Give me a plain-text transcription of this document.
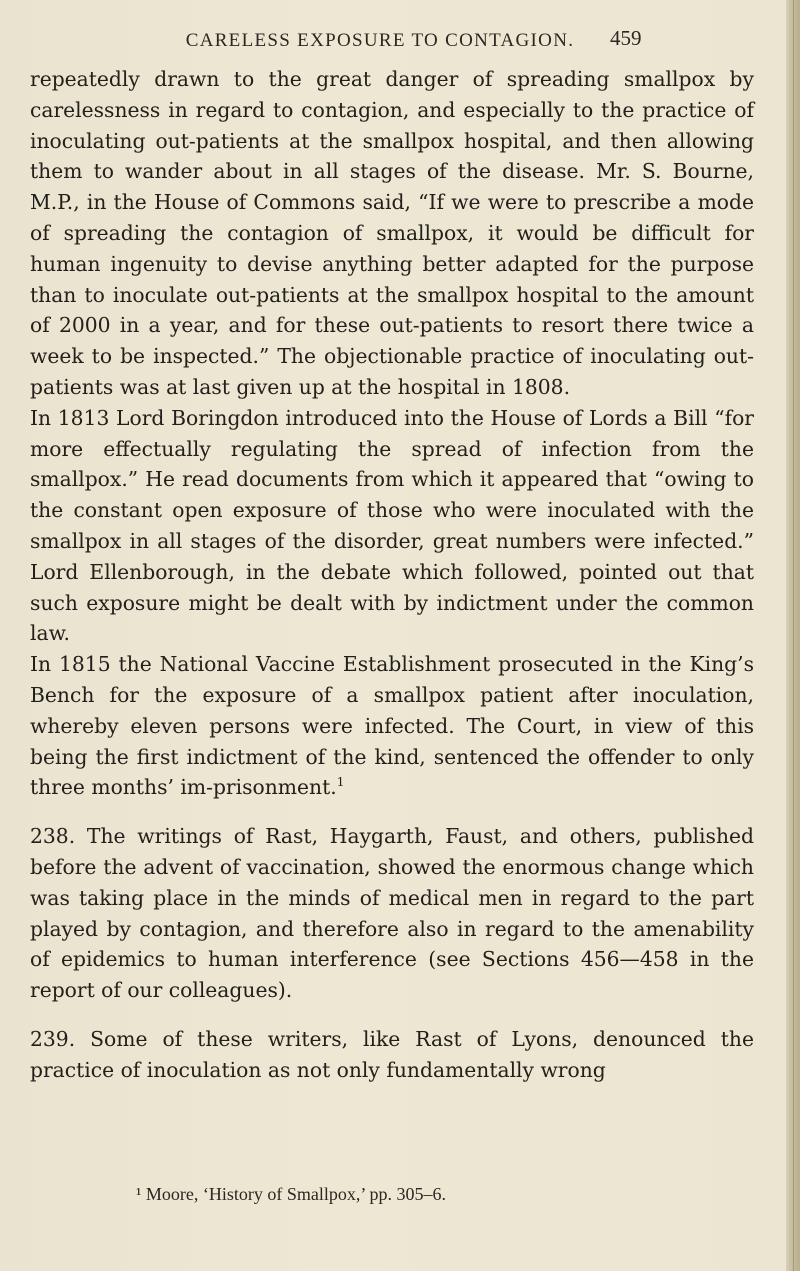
CARELESS EXPOSURE TO CONTAGION.	459

repeatedly drawn to the great danger of spreading smallpox by carelessness in regard to contagion, and especially to the practice of inoculating out-patients at the smallpox hospital, and then allowing them to wander about in all stages of the disease. Mr. S. Bourne, M.P., in the House of Commons said, “If we were to prescribe a mode of spreading the contagion of smallpox, it would be difficult for human ingenuity to devise anything better adapted for the purpose than to inoculate out-patients at the smallpox hospital to the amount of 2000 in a year, and for these out-patients to resort there twice a week to be inspected.” The objectionable practice of inoculating out-patients was at last given up at the hospital in 1808.

In 1813 Lord Boringdon introduced into the House of Lords a Bill “for more effectually regulating the spread of infection from the smallpox.” He read documents from which it appeared that “owing to the constant open exposure of those who were inoculated with the smallpox in all stages of the disorder, great numbers were infected.” Lord Ellenborough, in the debate which followed, pointed out that such exposure might be dealt with by indictment under the common law.

In 1815 the National Vaccine Establishment prosecuted in the King’s Bench for the exposure of a smallpox patient after inoculation, whereby eleven persons were infected. The Court, in view of this being the first indictment of the kind, sentenced the offender to only three months’ im-prisonment.$^1$

238. The writings of Rast, Haygarth, Faust, and others, published before the advent of vaccination, showed the enormous change which was taking place in the minds of medical men in regard to the part played by contagion, and therefore also in regard to the amenability of epidemics to human interference (see Sections 456—458 in the report of our colleagues).

239. Some of these writers, like Rast of Lyons, denounced the practice of inoculation as not only fundamentally wrong

¹ Moore, ‘History of Smallpox,’ pp. 305–6.
